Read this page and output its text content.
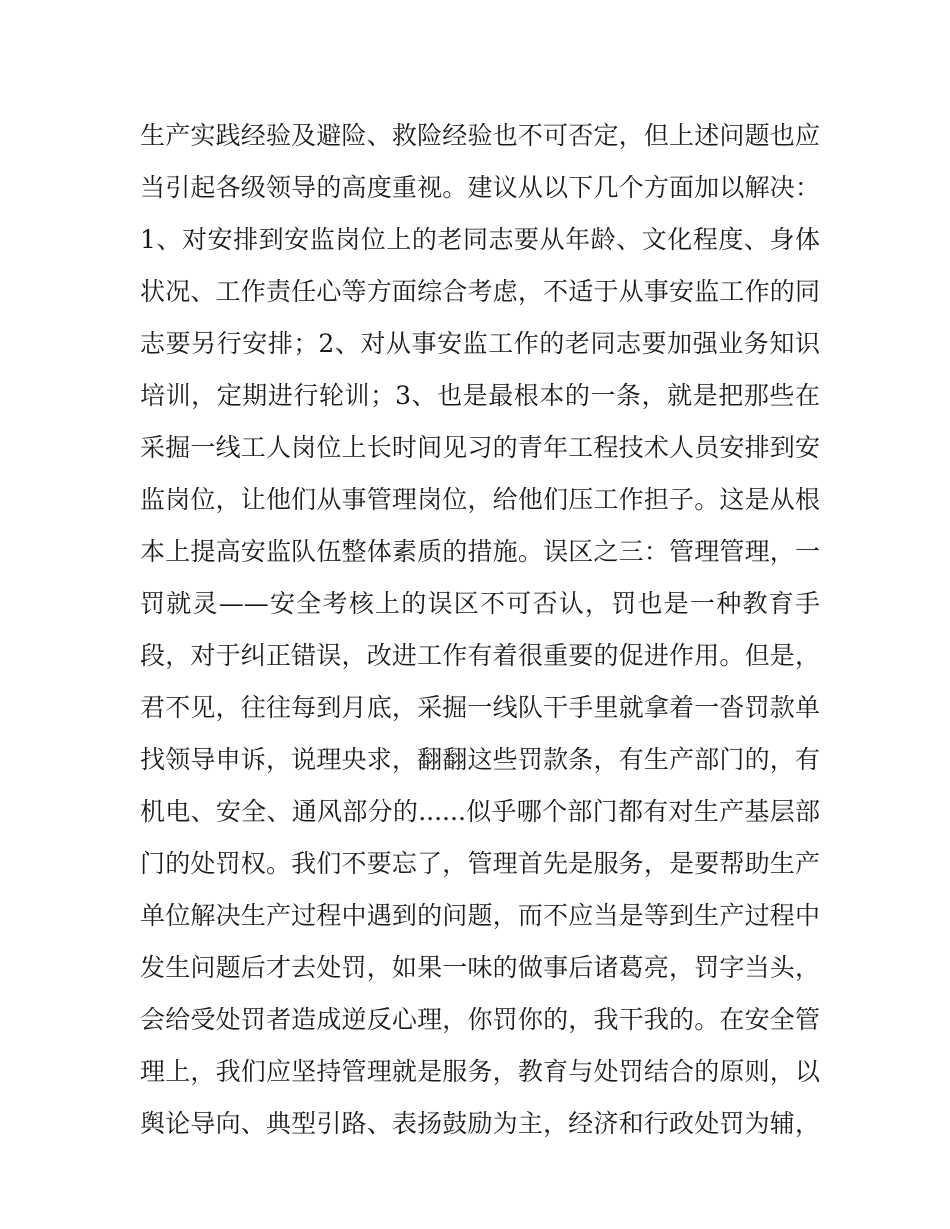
生产实践经验及避险、救险经验也不可否定，但上述问题也应
当引起各级领导的高度重视。建议从以下几个方面加以解决：
1、对安排到安监岗位上的老同志要从年龄、文化程度、身体
状况、工作责任心等方面综合考虑，不适于从事安监工作的同
志要另行安排；2、对从事安监工作的老同志要加强业务知识
培训，定期进行轮训；3、也是最根本的一条，就是把那些在
采掘一线工人岗位上长时间见习的青年工程技术人员安排到安
监岗位，让他们从事管理岗位，给他们压工作担子。这是从根
本上提高安监队伍整体素质的措施。误区之三：管理管理，一
罚就灵——安全考核上的误区不可否认，罚也是一种教育手
段，对于纠正错误，改进工作有着很重要的促进作用。但是，
君不见，往往每到月底，采掘一线队干手里就拿着一沓罚款单
找领导申诉，说理央求，翻翻这些罚款条，有生产部门的，有
机电、安全、通风部分的......似乎哪个部门都有对生产基层部
门的处罚权。我们不要忘了，管理首先是服务，是要帮助生产
单位解决生产过程中遇到的问题，而不应当是等到生产过程中
发生问题后才去处罚，如果一味的做事后诸葛亮，罚字当头，
会给受处罚者造成逆反心理，你罚你的，我干我的。在安全管
理上，我们应坚持管理就是服务，教育与处罚结合的原则，以
舆论导向、典型引路、表扬鼓励为主，经济和行政处罚为辅，
